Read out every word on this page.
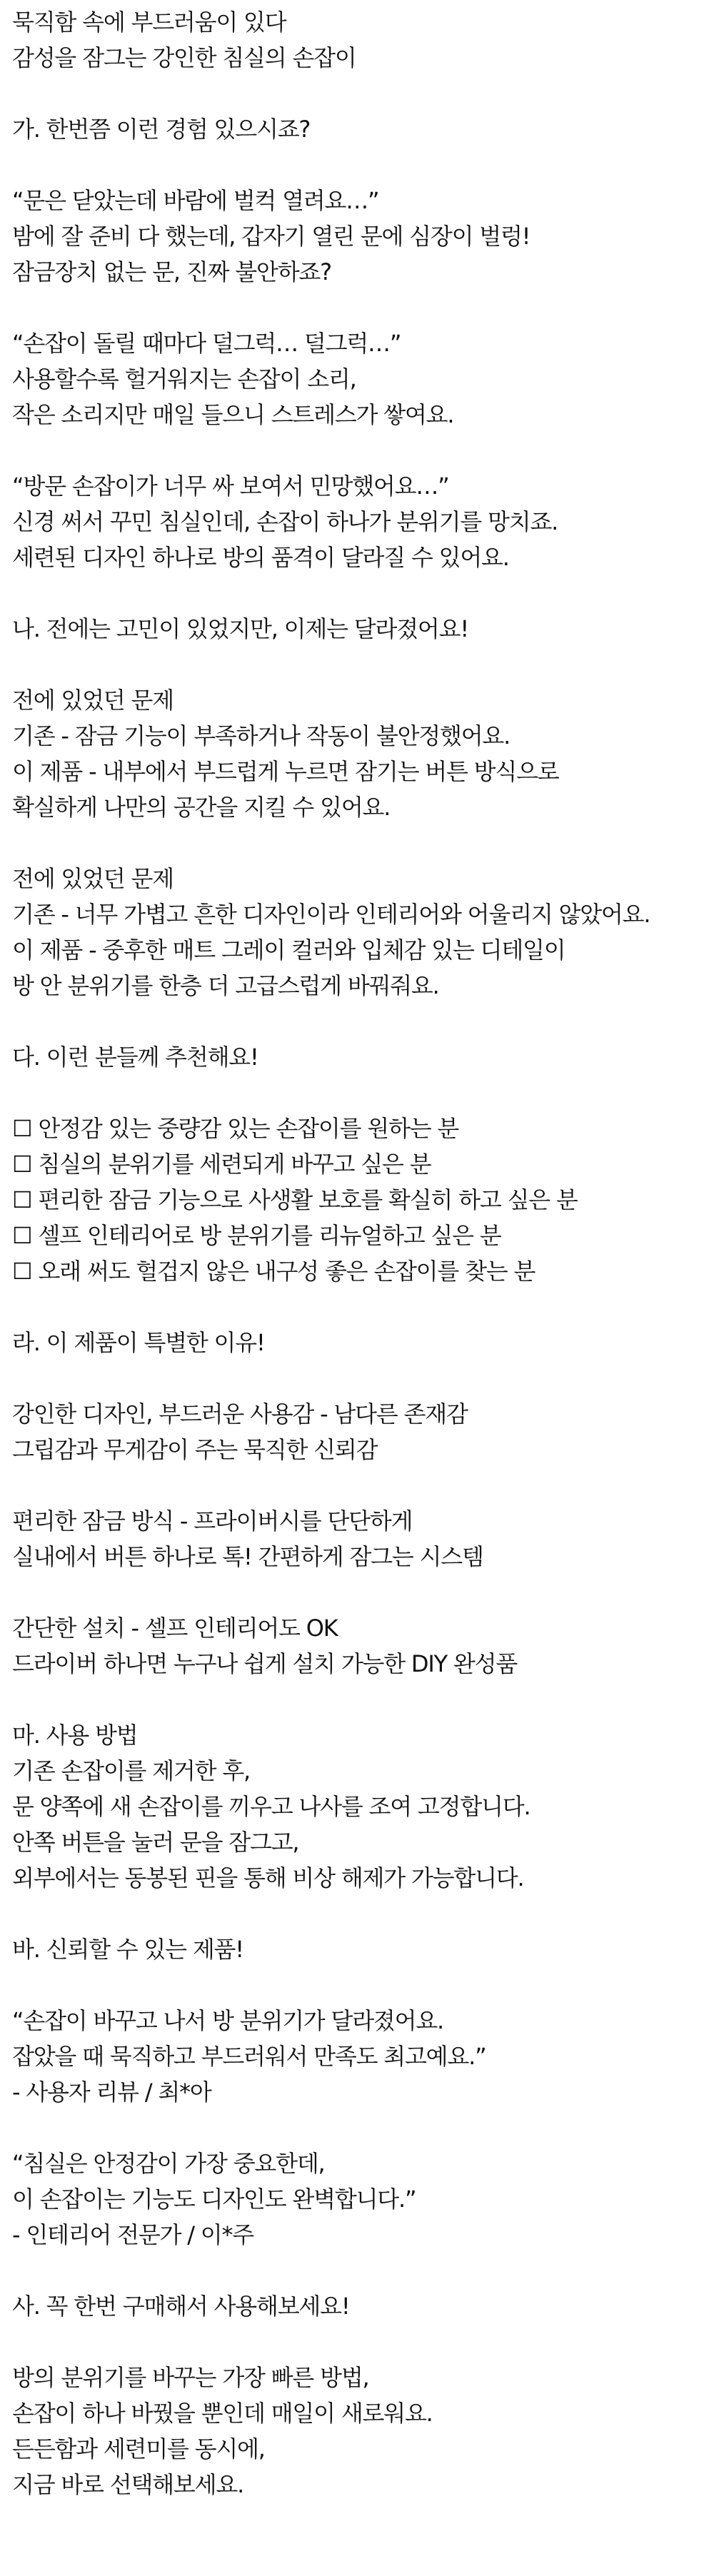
묵직함 속에 부드러움이 있다

감성을 잠그는 강인한 침실의 손잡이

가. 한번쯤 이런 경험 있으시죠?

“문은 닫았는데 바람에 벌컥 열려요…”

밤에 잘 준비 다 했는데, 갑자기 열린 문에 심장이 벌렁!

잠금장치 없는 문, 진짜 불안하죠?

“손잡이 돌릴 때마다 덜그럭… 덜그럭…”

사용할수록 헐거워지는 손잡이 소리,

작은 소리지만 매일 들으니 스트레스가 쌓여요.

“방문 손잡이가 너무 싸 보여서 민망했어요…”

신경 써서 꾸민 침실인데, 손잡이 하나가 분위기를 망치죠.

세련된 디자인 하나로 방의 품격이 달라질 수 있어요.

나. 전에는 고민이 있었지만, 이제는 달라졌어요!

전에 있었던 문제

기존 - 잠금 기능이 부족하거나 작동이 불안정했어요.

이 제품 - 내부에서 부드럽게 누르면 잠기는 버튼 방식으로

확실하게 나만의 공간을 지킬 수 있어요.

전에 있었던 문제

기존 - 너무 가볍고 흔한 디자인이라 인테리어와 어울리지 않았어요.

이 제품 - 중후한 매트 그레이 컬러와 입체감 있는 디테일이

방 안 분위기를 한층 더 고급스럽게 바꿔줘요.

다. 이런 분들께 추천해요!

☐ 안정감 있는 중량감 있는 손잡이를 원하는 분

☐ 침실의 분위기를 세련되게 바꾸고 싶은 분

☐ 편리한 잠금 기능으로 사생활 보호를 확실히 하고 싶은 분

☐ 셀프 인테리어로 방 분위기를 리뉴얼하고 싶은 분

☐ 오래 써도 헐겁지 않은 내구성 좋은 손잡이를 찾는 분

라. 이 제품이 특별한 이유!

강인한 디자인, 부드러운 사용감 - 남다른 존재감

그립감과 무게감이 주는 묵직한 신뢰감

편리한 잠금 방식 - 프라이버시를 단단하게

실내에서 버튼 하나로 톡! 간편하게 잠그는 시스템

간단한 설치 - 셀프 인테리어도 OK

드라이버 하나면 누구나 쉽게 설치 가능한 DIY 완성품

마. 사용 방법

기존 손잡이를 제거한 후,

문 양쪽에 새 손잡이를 끼우고 나사를 조여 고정합니다.

안쪽 버튼을 눌러 문을 잠그고,

외부에서는 동봉된 핀을 통해 비상 해제가 가능합니다.

바. 신뢰할 수 있는 제품!

“손잡이 바꾸고 나서 방 분위기가 달라졌어요.

잡았을 때 묵직하고 부드러워서 만족도 최고예요.”

- 사용자 리뷰 / 최*아

“침실은 안정감이 가장 중요한데,

이 손잡이는 기능도 디자인도 완벽합니다.”

- 인테리어 전문가 / 이*주

사. 꼭 한번 구매해서 사용해보세요!

방의 분위기를 바꾸는 가장 빠른 방법,

손잡이 하나 바꿨을 뿐인데 매일이 새로워요.

든든함과 세련미를 동시에,

지금 바로 선택해보세요.
